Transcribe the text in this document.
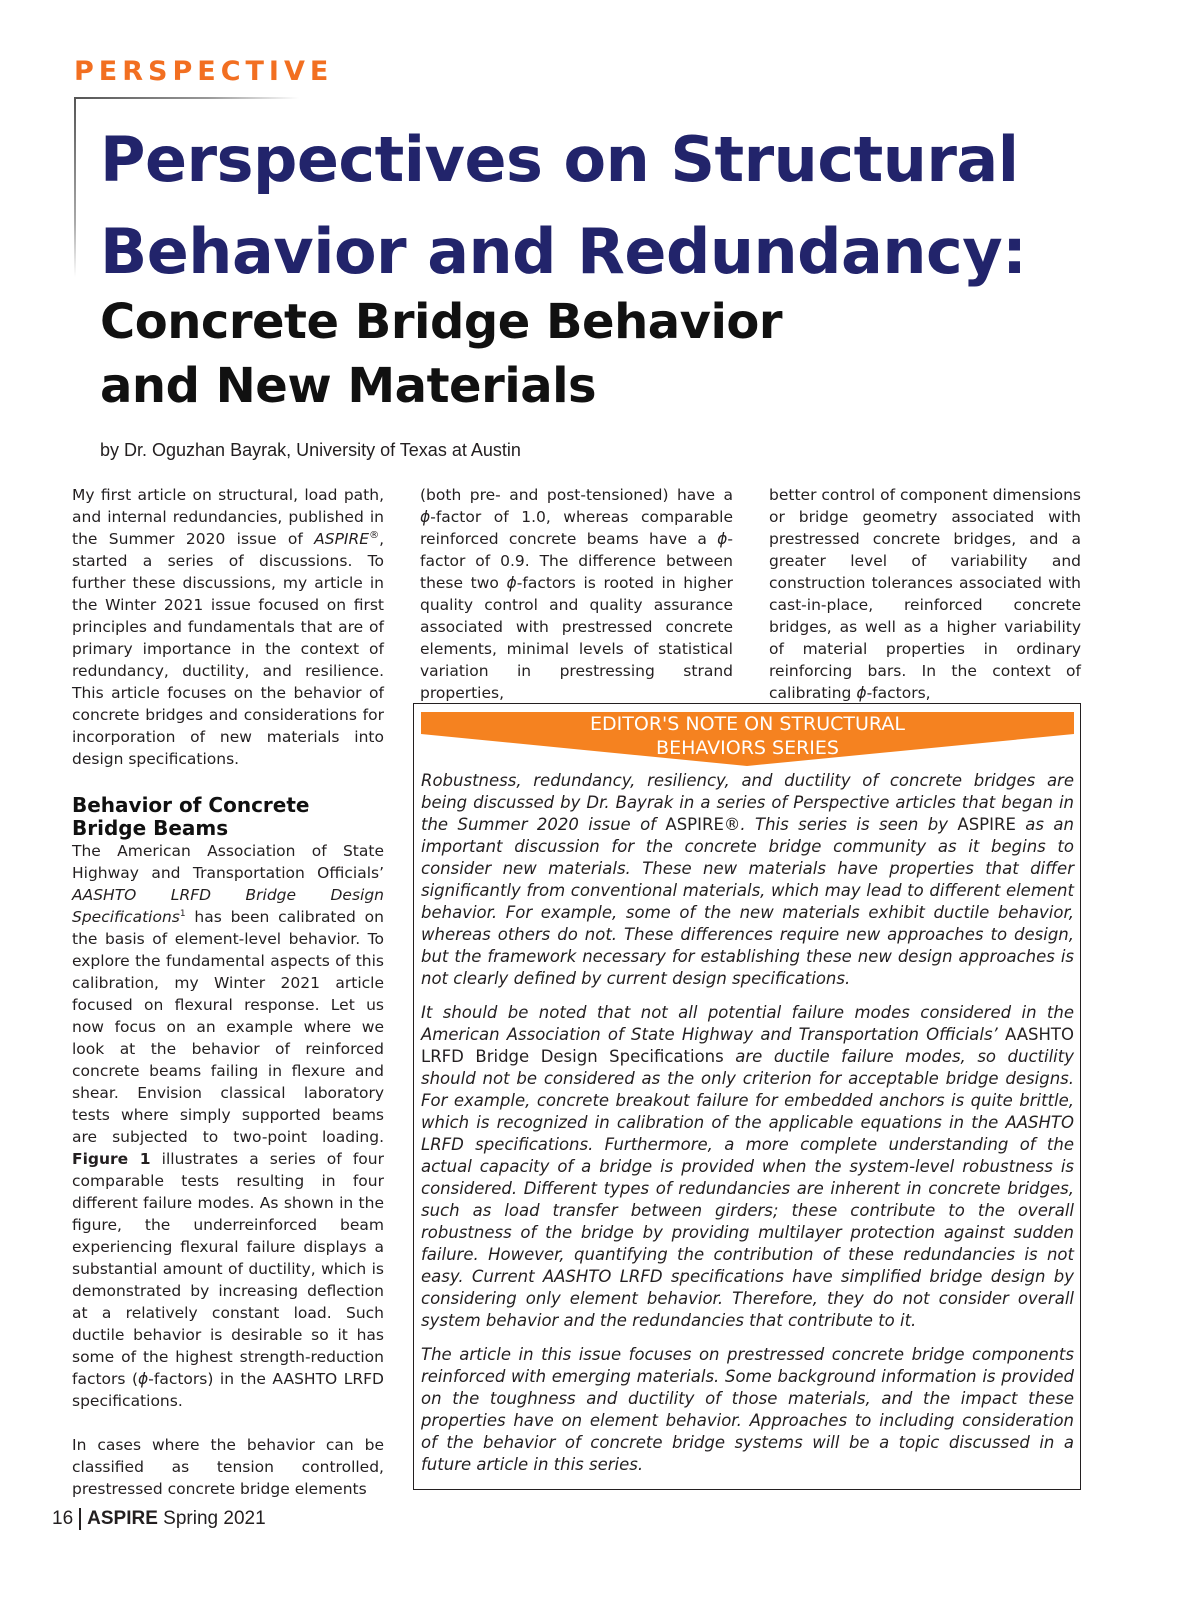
PERSPECTIVE
Perspectives on Structural
Behavior and Redundancy:
Concrete Bridge Behavior
and New Materials
by Dr. Oguzhan Bayrak, University of Texas at Austin

My first article on structural, load path, and internal redundancies, published in the Summer 2020 issue of ASPIRE®, started a series of discussions. To further these discussions, my article in the Winter 2021 issue focused on first principles and fundamentals that are of primary importance in the context of redundancy, ductility, and resilience. This article focuses on the behavior of concrete bridges and considerations for incorporation of new materials into design specifications.

Behavior of Concrete Bridge Beams

The American Association of State Highway and Transportation Officials’ AASHTO LRFD Bridge Design Specifications$^1$ has been calibrated on the basis of element-level behavior. To explore the fundamental aspects of this calibration, my Winter 2021 article focused on flexural response. Let us now focus on an example where we look at the behavior of reinforced concrete beams failing in flexure and shear. Envision classical laboratory tests where simply supported beams are subjected to two-point loading. Figure 1 illustrates a series of four comparable tests resulting in four different failure modes. As shown in the figure, the underreinforced beam experiencing flexural failure displays a substantial amount of ductility, which is demonstrated by increasing deflection at a relatively constant load. Such ductile behavior is desirable so it has some of the highest strength-reduction factors (ϕ-factors) in the AASHTO LRFD specifications.

In cases where the behavior can be classified as tension controlled, prestressed concrete bridge elements

(both pre- and post-tensioned) have a ϕ-factor of 1.0, whereas comparable reinforced concrete beams have a ϕ-factor of 0.9. The difference between these two ϕ-factors is rooted in higher quality control and quality assurance associated with prestressed concrete elements, minimal levels of statistical variation in prestressing strand properties,

better control of component dimensions or bridge geometry associated with prestressed concrete bridges, and a greater level of variability and construction tolerances associated with cast-in-place, reinforced concrete bridges, as well as a higher variability of material properties in ordinary reinforcing bars. In the context of calibrating ϕ-factors,

EDITOR'S NOTE ON STRUCTURAL
BEHAVIORS SERIES

Robustness, redundancy, resiliency, and ductility of concrete bridges are being discussed by Dr. Bayrak in a series of Perspective articles that began in the Summer 2020 issue of ASPIRE®. This series is seen by ASPIRE as an important discussion for the concrete bridge community as it begins to consider new materials. These new materials have properties that differ significantly from conventional materials, which may lead to different element behavior. For example, some of the new materials exhibit ductile behavior, whereas others do not. These differences require new approaches to design, but the framework necessary for establishing these new design approaches is not clearly defined by current design specifications.

It should be noted that not all potential failure modes considered in the American Association of State Highway and Transportation Officials’ AASHTO LRFD Bridge Design Specifications are ductile failure modes, so ductility should not be considered as the only criterion for acceptable bridge designs. For example, concrete breakout failure for embedded anchors is quite brittle, which is recognized in calibration of the applicable equations in the AASHTO LRFD specifications. Furthermore, a more complete understanding of the actual capacity of a bridge is provided when the system-level robustness is considered. Different types of redundancies are inherent in concrete bridges, such as load transfer between girders; these contribute to the overall robustness of the bridge by providing multilayer protection against sudden failure. However, quantifying the contribution of these redundancies is not easy. Current AASHTO LRFD specifications have simplified bridge design by considering only element behavior. Therefore, they do not consider overall system behavior and the redundancies that contribute to it.

The article in this issue focuses on prestressed concrete bridge components reinforced with emerging materials. Some background information is provided on the toughness and ductility of those materials, and the impact these properties have on element behavior. Approaches to including consideration of the behavior of concrete bridge systems will be a topic discussed in a future article in this series.

16 ASPIRE Spring 2021
